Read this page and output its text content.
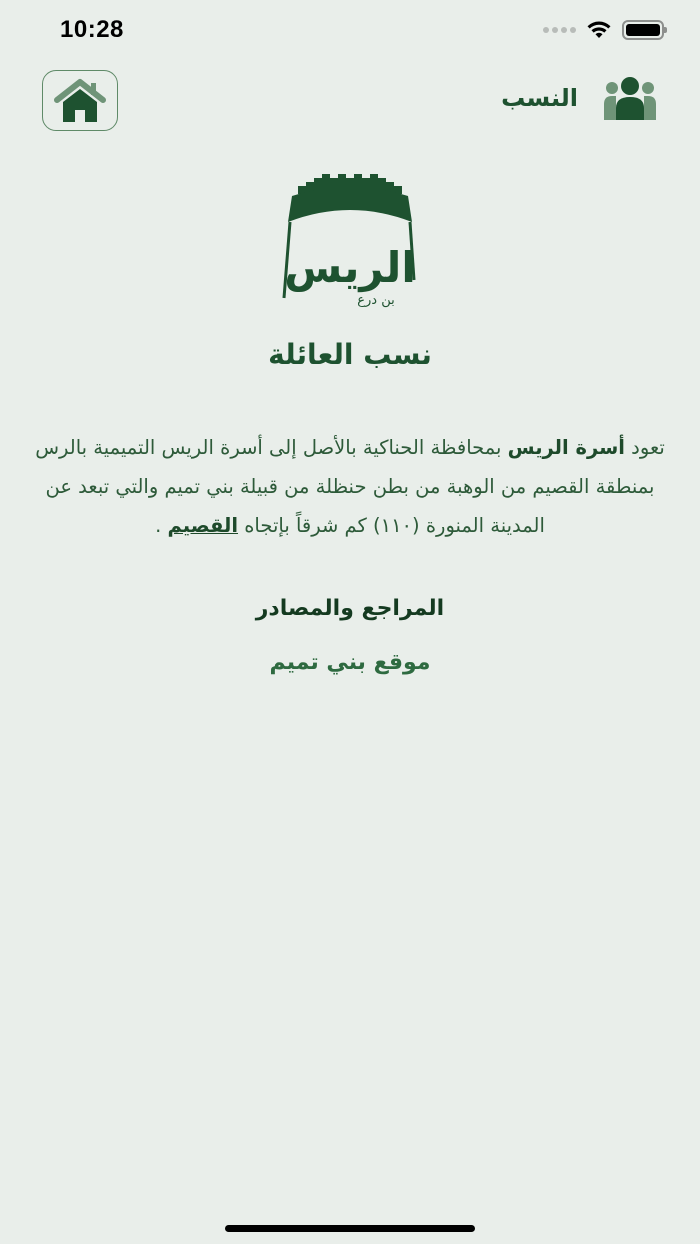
10:28
النسب
الريس
بن درع
نسب العائلة

تعود أسرة الريس بمحافظة الحناكية بالأصل إلى أسرة الريس التميمية بالرس بمنطقة القصيم من الوهبة من بطن حنظلة من قبيلة بني تميم والتي تبعد عن المدينة المنورة (١١٠) كم شرقاً بإتجاه القصيم .

المراجع والمصادر
موقع بني تميم
